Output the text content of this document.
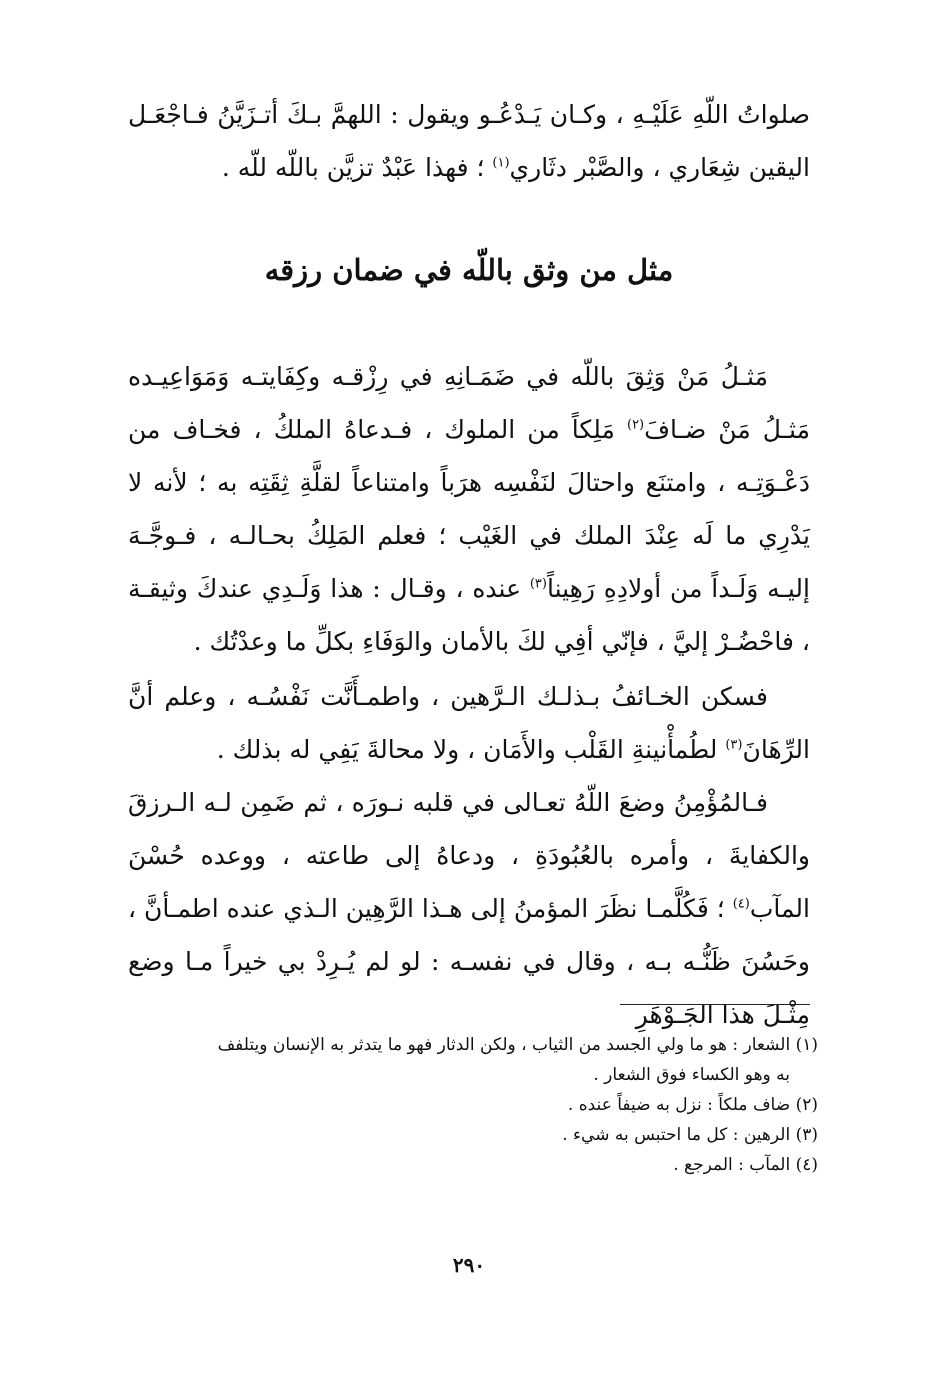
صلواتُ اللّهِ عَلَيْـهِ ، وكـان يَـدْعُـو ويقول : اللهمَّ بـكَ أتـزَيَّنُ فـاجْعَـل اليقين شِعَاري ، والصَّبْر دثَاري$^{(١)}$ ؛ فهذا عَبْدٌ تزيَّن باللّه للّه .

مثل من وثق باللّه في ضمان رزقه

مَثـلُ مَنْ وَثِقَ باللّه في ضَمَـانِهِ في رِزْقـه وكِفَايتـه وَمَوَاعِيـده مَثـلُ مَنْ ضـافَ$^{(٢)}$ مَلِكاً من الملوك ، فـدعاهُ الملكُ ، فخـاف من دَعْـوَتِـه ، وامتنَع واحتالَ لنَفْسِه هرَباً وامتناعاً لقلَّةِ ثِقَتِه به ؛ لأنه لا يَدْرِي ما لَه عِنْدَ الملك في الغَيْب ؛ فعلم المَلِكُ بحـالـه ، فـوجَّـهَ إليـه وَلَـداً من أولادِهِ رَهِيناً$^{(٣)}$ عنده ، وقـال : هذا وَلَـدِي عندكَ وثيقـة ، فاحْضُـرْ إليَّ ، فإنّي أفِي لكَ بالأمان والوَفَاءِ بكلِّ ما وعدْتُك .

فسكن الخـائفُ بـذلـك الـرَّهين ، واطمـأَنَّت نَفْسُـه ، وعلم أنَّ الرِّهَانَ$^{(٣)}$ لطُمأْنينةِ القَلْب والأَمَان ، ولا محالةَ يَفِي له بذلك .

فـالمُؤْمِنُ وضعَ اللّهُ تعـالى في قلبه نـورَه ، ثم ضَمِن لـه الـرزقَ والكفايةَ ، وأمره بالعُبُودَةِ ، ودعاهُ إلى طاعته ، ووعده حُسْنَ المآب$^{(٤)}$ ؛ فَكُلَّمـا نظَرَ المؤمنُ إلى هـذا الرَّهِين الـذي عنده اطمـأنَّ ، وحَسُنَ ظَنُّـه بـه ، وقال في نفسـه : لو لم يُـرِدْ بي خيراً مـا وضع مِثْـلَ هذا الجَـوْهَرِ

(١) الشعار : هو ما ولي الجسد من الثياب ، ولكن الدثار فهو ما يتدثر به الإنسان ويتلفف
به وهو الكساء فوق الشعار .
(٢) ضاف ملكاً : نزل به ضيفاً عنده .
(٣) الرهين : كل ما احتبس به شيء .
(٤) المآب : المرجع .
٢٩٠
